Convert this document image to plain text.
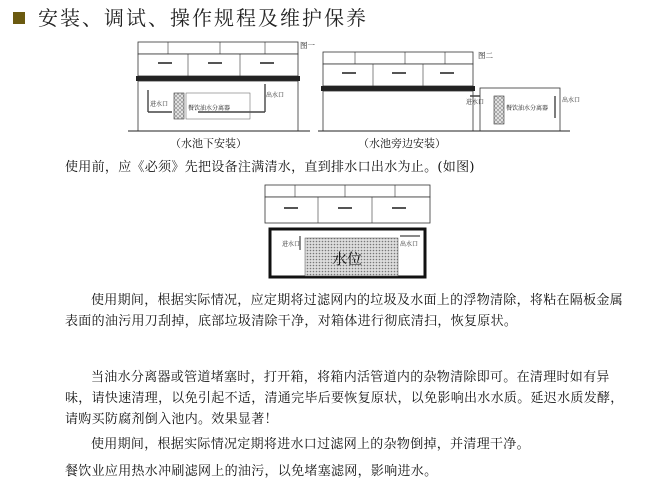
安装、调试、操作规程及维护保养
图一
进水口
出水口
餐饮油水分离器
图二
进水口	出水口
餐饮油水分离器
进水口	出水口
水位
（水池下安装）	（水池旁边安装）
使用前，应《必须》先把设备注满清水，直到排水口出水为止。(如图)
使用期间，根据实际情况，应定期将过滤网内的垃圾及水面上的浮物清除，将粘在隔板金属表面的油污用刀刮掉，底部垃圾清除干净，对箱体进行彻底清扫，恢复原状。
当油水分离器或管道堵塞时，打开箱，将箱内活管道内的杂物清除即可。在清理时如有异味，请快速清理，以免引起不适，清通完毕后要恢复原状，以免影响出水水质。延迟水质发酵，请购买防腐剂倒入池内。效果显著！
使用期间，根据实际情况定期将进水口过滤网上的杂物倒掉，并清理干净。
餐饮业应用热水冲刷滤网上的油污，以免堵塞滤网，影响进水。
